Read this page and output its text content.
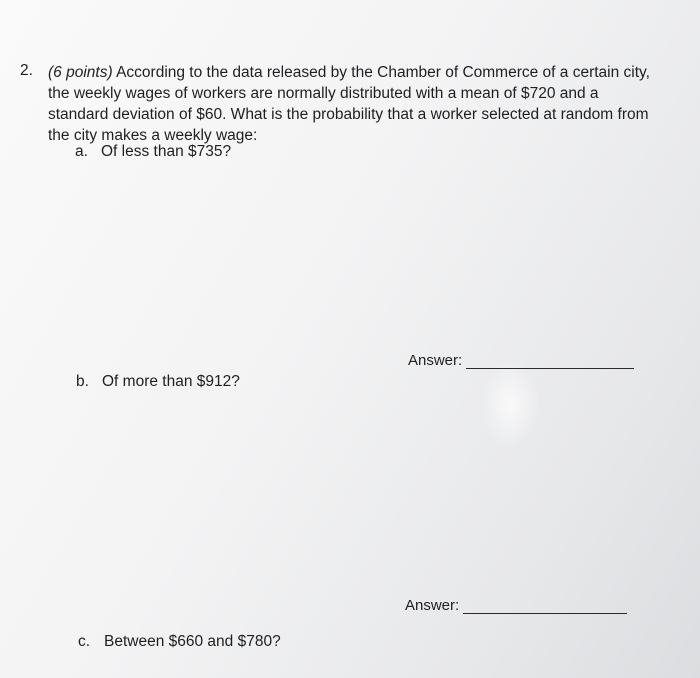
2. (6 points) According to the data released by the Chamber of Commerce of a certain city, the weekly wages of workers are normally distributed with a mean of $720 and a standard deviation of $60. What is the probability that a worker selected at random from the city makes a weekly wage:
a. Of less than $735?
Answer:
b. Of more than $912?
Answer:
c. Between $660 and $780?
